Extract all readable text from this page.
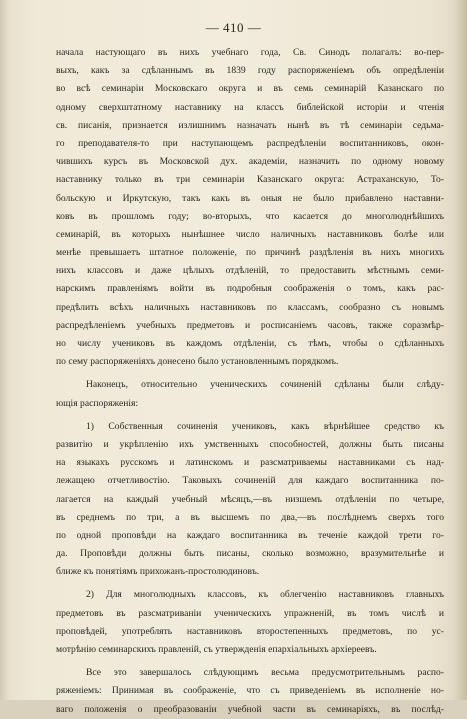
— 410 —
начала настующаго въ нихъ учебнаго года, Св. Синодъ полагалъ: во-пер-
выхъ, какъ за сдѣланнымъ въ 1839 году распоряженіемъ объ опредѣленіи
во всѣ семинаріи Московскаго округа и въ семь семинарій Казанскаго по
одному сверхштатному наставнику на классъ библейской исторіи и чтенія
св. писанія, признается излишнимъ назначать нынѣ въ тѣ семинаріи седьма-
го преподавателя-то при наступающемъ распредѣленіи воспитанниковъ, окон-
чившихъ курсъ въ Московской дух. академіи, назначить по одному новому
наставнику только въ три семинаріи Казанскаго округа: Астраханскую, То-
больскую и Иркутскую, такъ какъ въ оныя не было прибавлено наставни-
ковъ въ прошломъ году; во-вторыхъ, что касается до многолюднѣйшихъ
семинарій, въ которыхъ нынѣшнее число наличныхъ наставниковъ болѣе или
менѣе превышаетъ штатное положеніе, по причинѣ раздѣленія въ нихъ многихъ
нихъ классовъ и даже цѣлыхъ отдѣленій, то предоставить мѣстнымъ семи-
нарскимъ правленіямъ войти въ подробныя соображенія о томъ, какъ рас-
предѣлить всѣхъ наличныхъ наставниковъ по классамъ, сообразно съ новымъ
распредѣленіемъ учебныхъ предметовъ и росписаніемъ часовъ, также соразмѣр-
но числу учениковъ въ каждомъ отдѣленіи, съ тѣмъ, чтобы о сдѣланныхъ
по сему распоряженіяхъ донесено было установленнымъ порядкомъ.
Наконецъ, относительно ученическихъ сочиненій сдѣланы были слѣду-
ющія распоряженія:
1) Собственныя сочиненія учениковъ, какъ вѣрнѣйшее средство къ
развитію и укрѣпленію ихъ умственныхъ способностей, должны быть писаны
на языкахъ русскомъ и латинскомъ и разсматриваемы наставниками съ над-
лежащею отчетливостію. Таковыхъ сочиненій для каждаго воспитанника по-
лагается на каждый учебный мѣсяцъ,—въ низшемъ отдѣленіи по четыре,
въ среднемъ по три, а въ высшемъ по два,—въ послѣднемъ сверхъ того
по одной проповѣди на каждаго воспитанника въ теченіе каждой трети го-
да. Проповѣди должны быть писаны, сколько возможно, вразумительнѣе и
ближе къ понятіямъ прихожанъ-простолюдиновъ.
2) Для многолюдныхъ классовъ, къ облегченію наставниковъ главныхъ
предметовъ въ разсматриваніи ученическихъ упражненій, въ томъ числѣ и
проповѣдей, употреблять наставниковъ второстепенныхъ предметовъ, по ус-
мотрѣнію семинарскихъ правленій, съ утвержденія епархіальныхъ архіереевъ.
Все это завершалось слѣдующимъ весьма предусмотрительнымъ распо-
ряженіемъ: Принимая въ соображеніе, что съ приведеніемъ въ исполненіе но-
ваго положенія о преобразованіи учебной части въ семинаріяхъ, въ послѣд-
